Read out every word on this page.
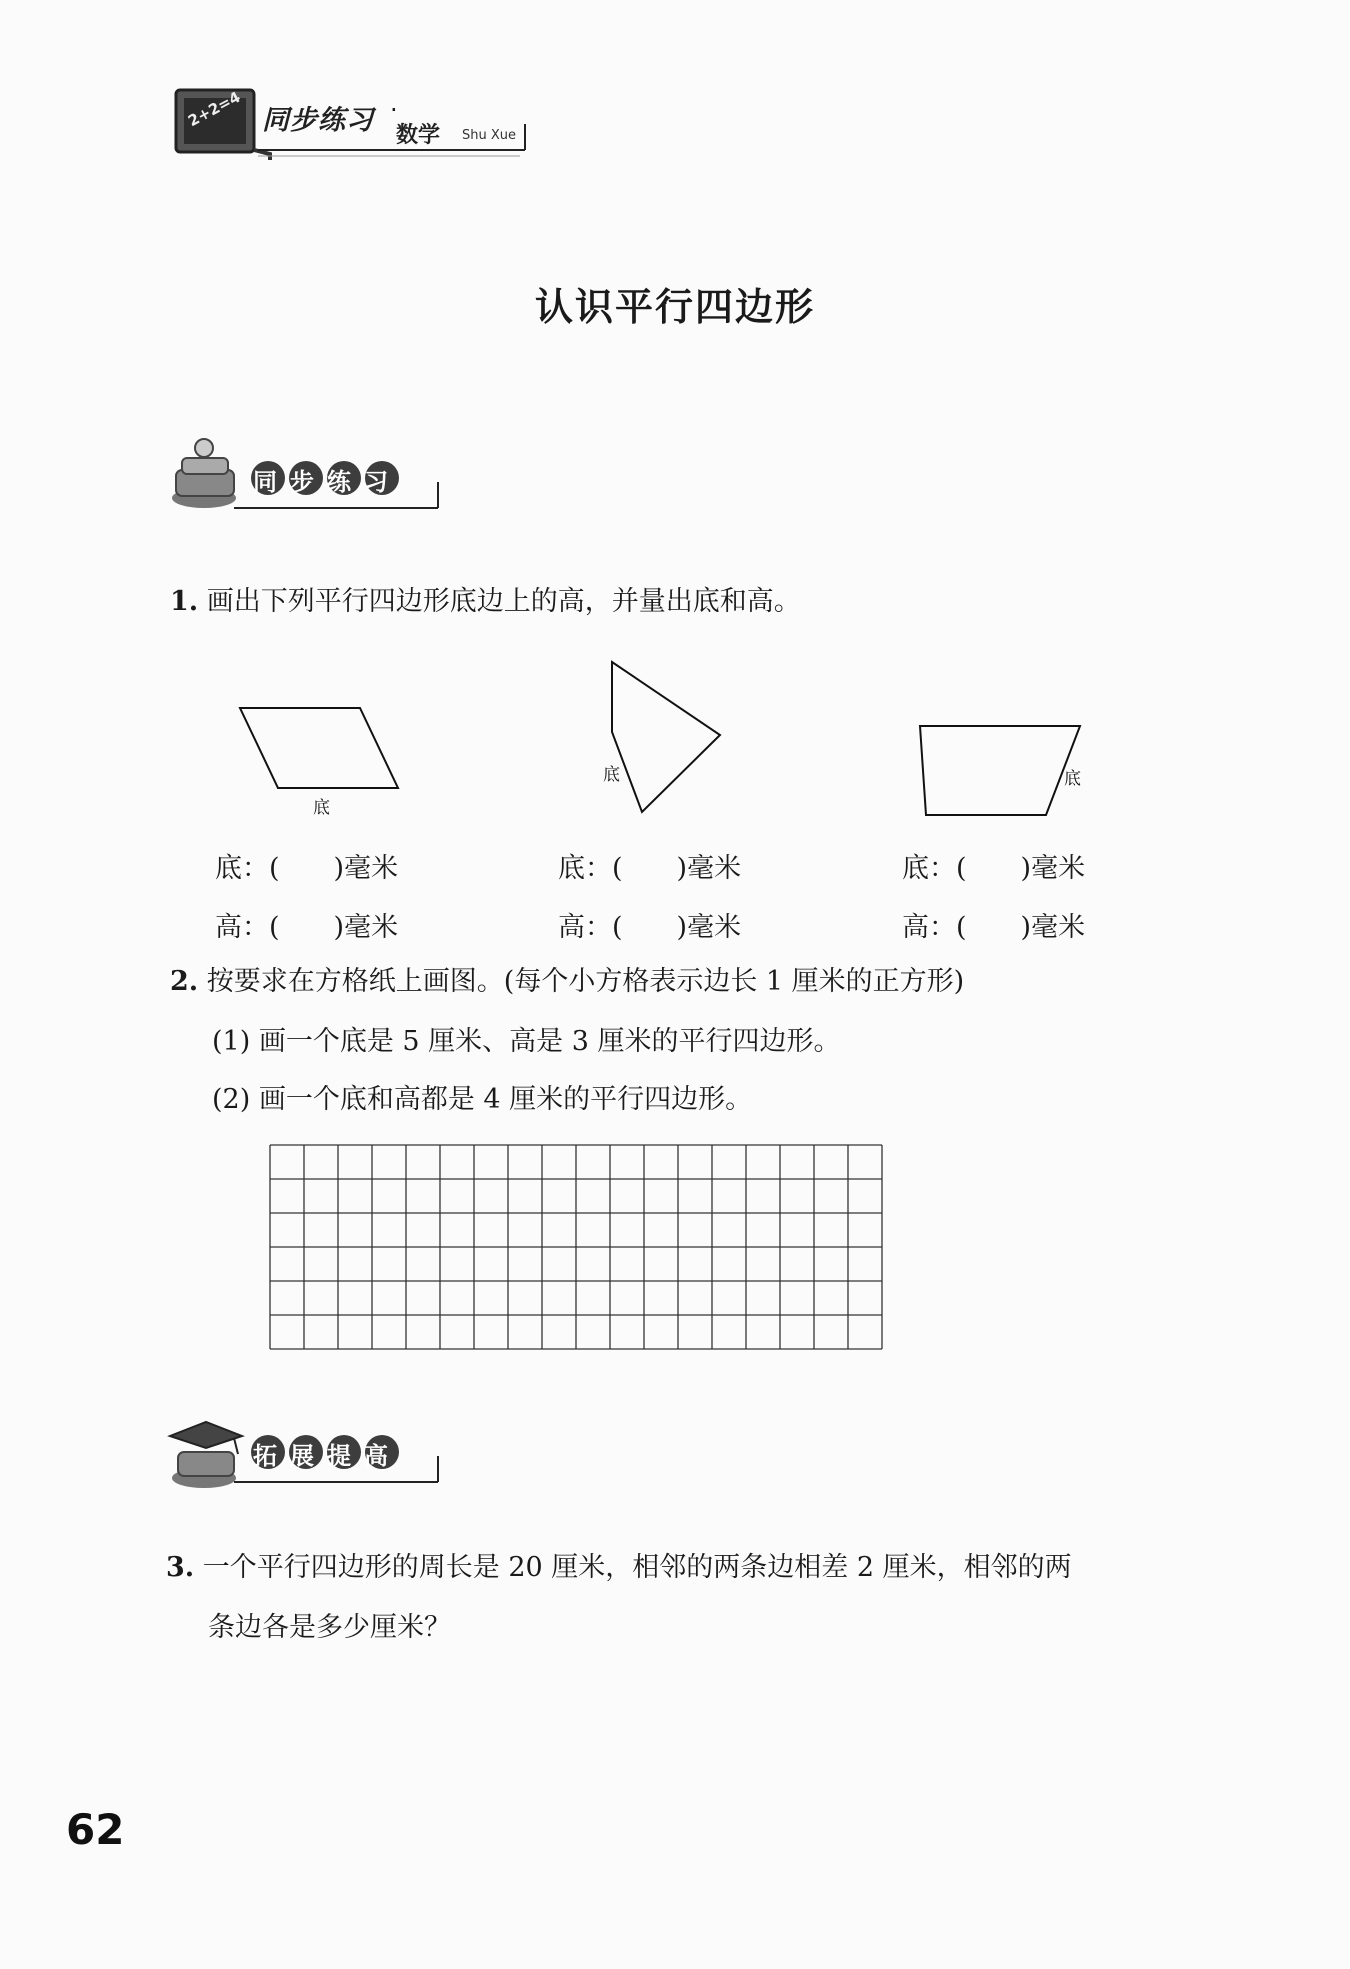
2+2=4 同步练习 ·
数学 Shu Xue
认识平行四边形
同步练习
1. 画出下列平行四边形底边上的高，并量出底和高。
底
底	底
底：(　　)毫米
高：(　　)毫米
底：(　　)毫米
高：(　　)毫米
底：(　　)毫米
高：(　　)毫米
2. 按要求在方格纸上画图。(每个小方格表示边长 1 厘米的正方形)
(1) 画一个底是 5 厘米、高是 3 厘米的平行四边形。
(2) 画一个底和高都是 4 厘米的平行四边形。
拓展提高
3. 一个平行四边形的周长是 20 厘米，相邻的两条边相差 2 厘米，相邻的两
条边各是多少厘米？
62
